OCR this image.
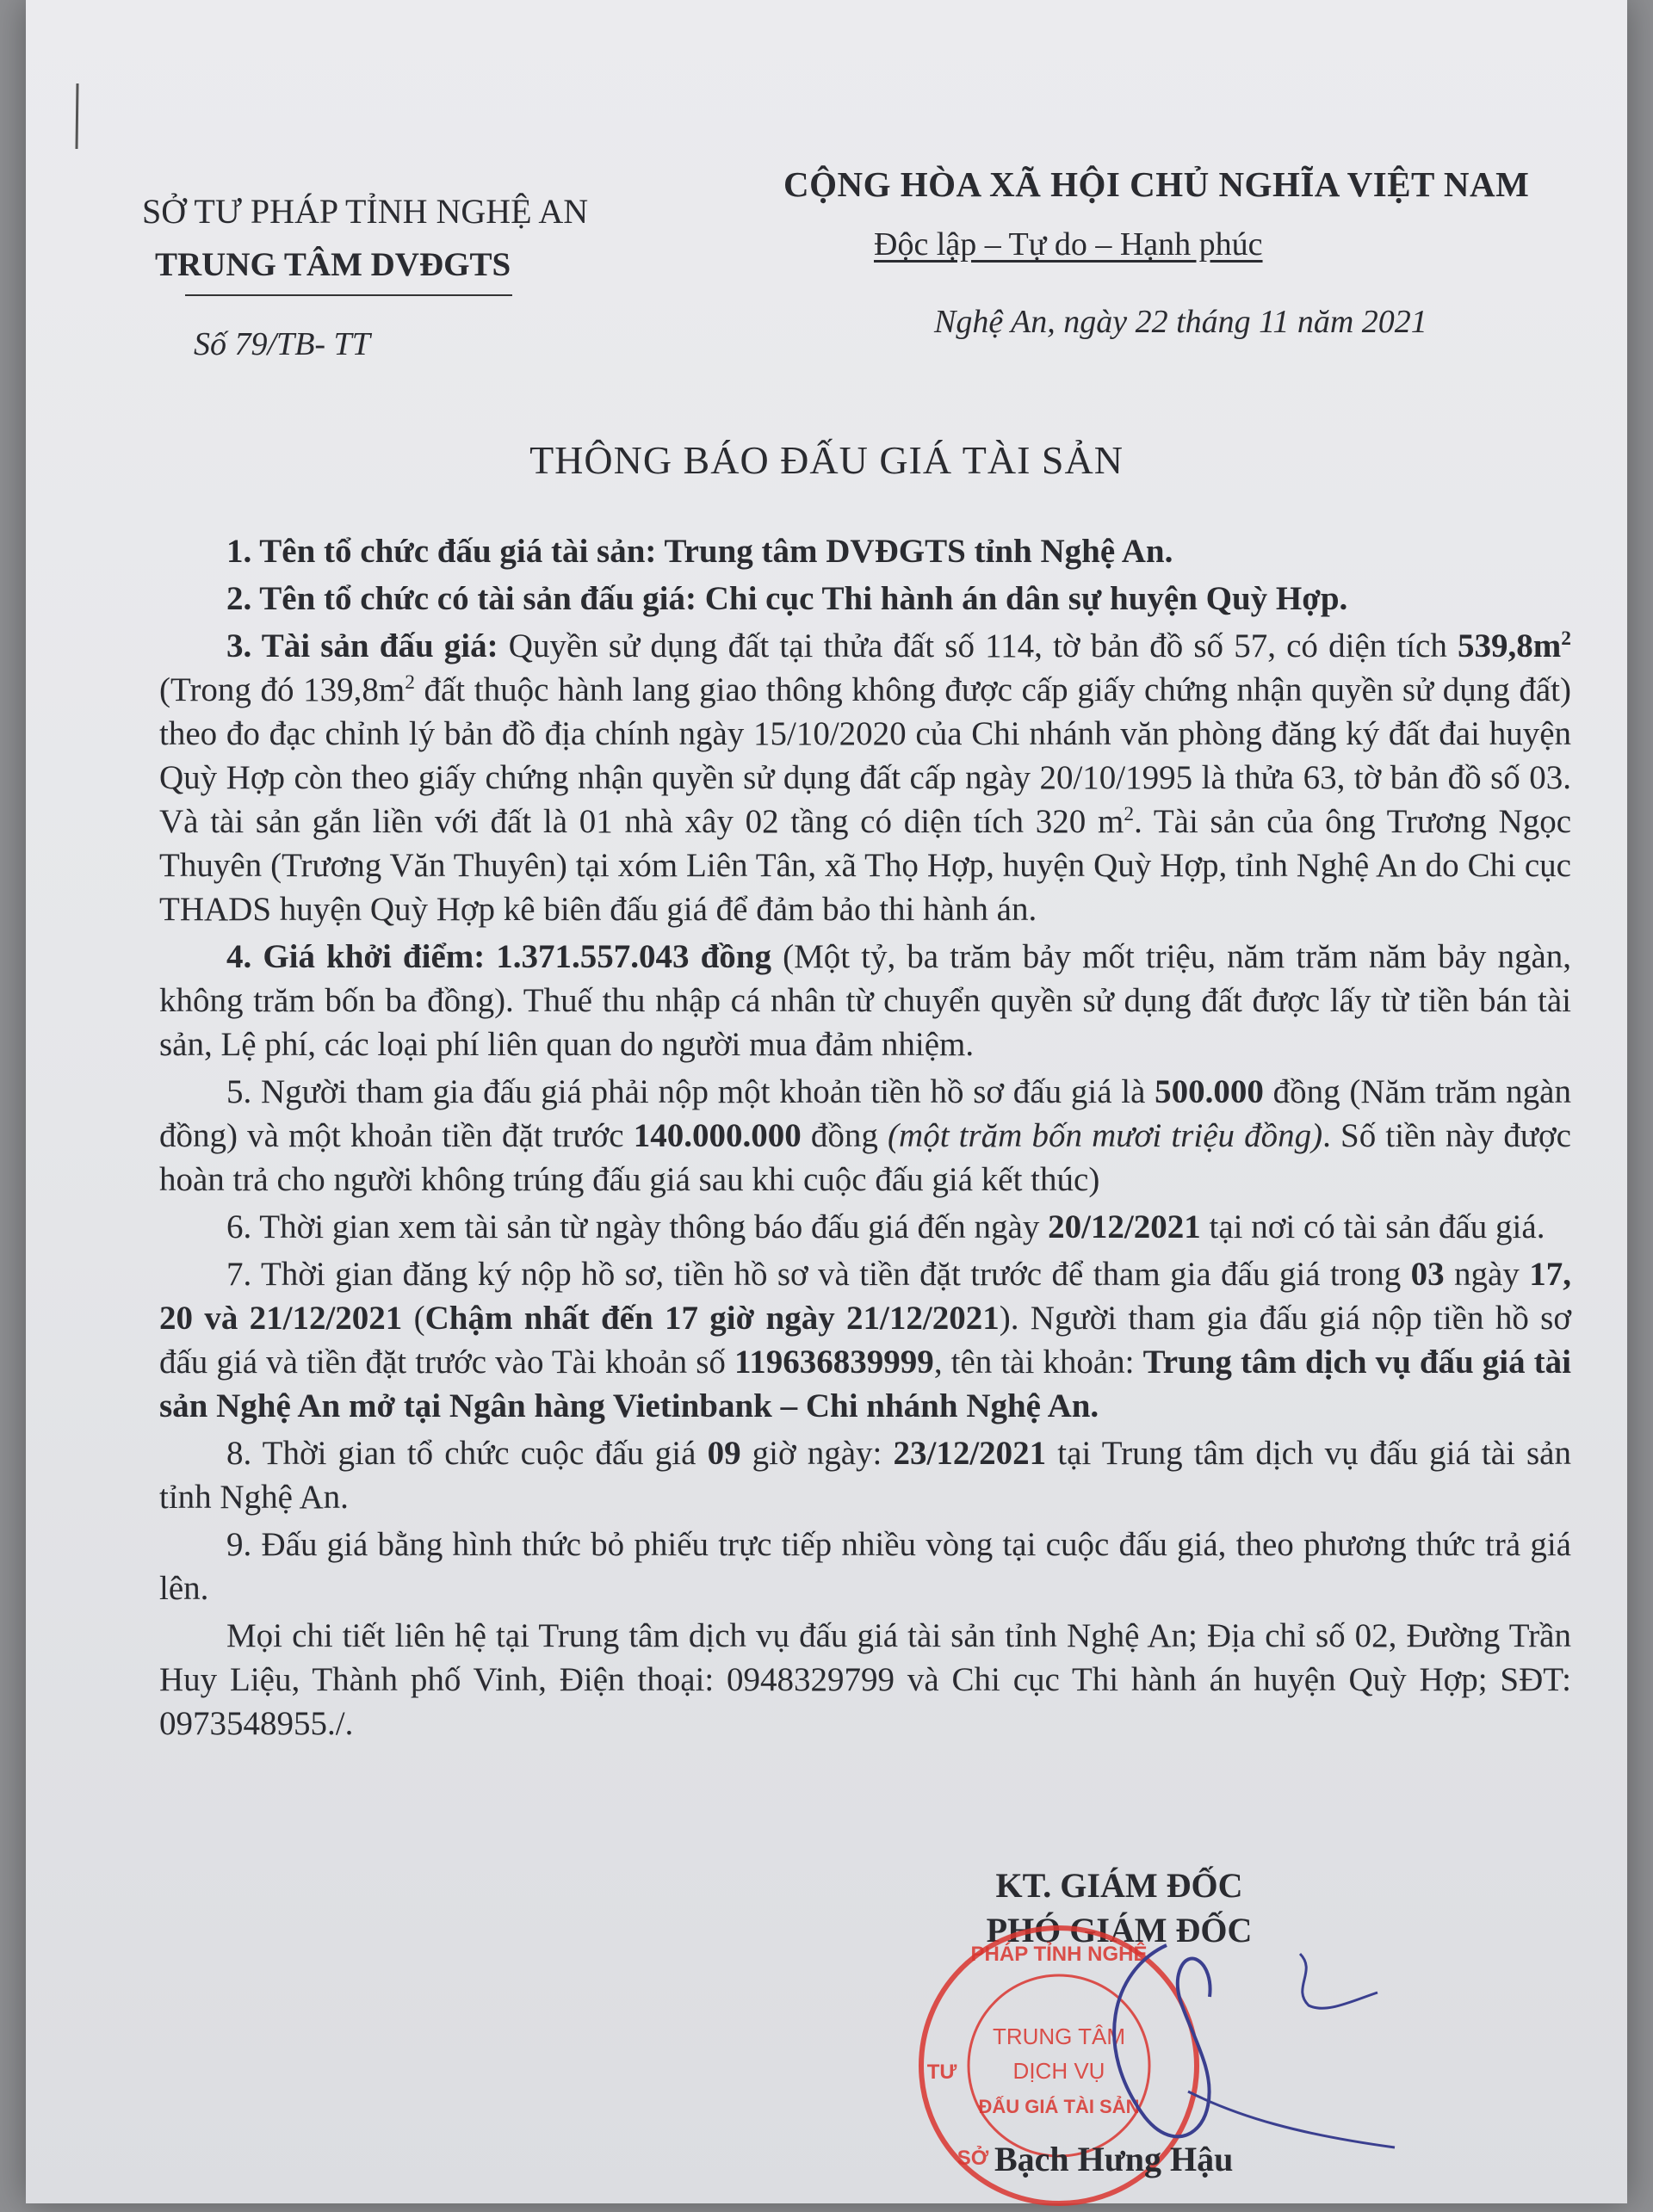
SỞ TƯ PHÁP TỈNH NGHỆ AN
TRUNG TÂM DVĐGTS
Số 79/TB- TT
CỘNG HÒA XÃ HỘI CHỦ NGHĨA VIỆT NAM
Độc lập – Tự do – Hạnh phúc
Nghệ An, ngày 22 tháng 11 năm 2021
THÔNG BÁO ĐẤU GIÁ TÀI SẢN

1. Tên tổ chức đấu giá tài sản: Trung tâm DVĐGTS tỉnh Nghệ An.

2. Tên tổ chức có tài sản đấu giá: Chi cục Thi hành án dân sự huyện Quỳ Hợp.

3. Tài sản đấu giá: Quyền sử dụng đất tại thửa đất số 114, tờ bản đồ số 57, có diện tích $539,8m^2$ (Trong đó $139,8m^2$ đất thuộc hành lang giao thông không được cấp giấy chứng nhận quyền sử dụng đất) theo đo đạc chỉnh lý bản đồ địa chính ngày 15/10/2020 của Chi nhánh văn phòng đăng ký đất đai huyện Quỳ Hợp còn theo giấy chứng nhận quyền sử dụng đất cấp ngày 20/10/1995 là thửa 63, tờ bản đồ số 03. Và tài sản gắn liền với đất là 01 nhà xây 02 tầng có diện tích 320 $m^2$. Tài sản của ông Trương Ngọc Thuyên (Trương Văn Thuyên) tại xóm Liên Tân, xã Thọ Hợp, huyện Quỳ Hợp, tỉnh Nghệ An do Chi cục THADS huyện Quỳ Hợp kê biên đấu giá để đảm bảo thi hành án.

4. Giá khởi điểm: 1.371.557.043 đồng (Một tỷ, ba trăm bảy mốt triệu, năm trăm năm bảy ngàn, không trăm bốn ba đồng). Thuế thu nhập cá nhân từ chuyển quyền sử dụng đất được lấy từ tiền bán tài sản, Lệ phí, các loại phí liên quan do người mua đảm nhiệm.

5. Người tham gia đấu giá phải nộp một khoản tiền hồ sơ đấu giá là 500.000 đồng (Năm trăm ngàn đồng) và một khoản tiền đặt trước 140.000.000 đồng (một trăm bốn mươi triệu đồng). Số tiền này được hoàn trả cho người không trúng đấu giá sau khi cuộc đấu giá kết thúc)

6. Thời gian xem tài sản từ ngày thông báo đấu giá đến ngày 20/12/2021 tại nơi có tài sản đấu giá.

7. Thời gian đăng ký nộp hồ sơ, tiền hồ sơ và tiền đặt trước để tham gia đấu giá trong 03 ngày 17, 20 và 21/12/2021 (Chậm nhất đến 17 giờ ngày 21/12/2021). Người tham gia đấu giá nộp tiền hồ sơ đấu giá và tiền đặt trước vào Tài khoản số 119636839999, tên tài khoản: Trung tâm dịch vụ đấu giá tài sản Nghệ An mở tại Ngân hàng Vietinbank – Chi nhánh Nghệ An.

8. Thời gian tổ chức cuộc đấu giá 09 giờ ngày: 23/12/2021 tại Trung tâm dịch vụ đấu giá tài sản tỉnh Nghệ An.

9. Đấu giá bằng hình thức bỏ phiếu trực tiếp nhiều vòng tại cuộc đấu giá, theo phương thức trả giá lên.

Mọi chi tiết liên hệ tại Trung tâm dịch vụ đấu giá tài sản tỉnh Nghệ An; Địa chỉ số 02, Đường Trần Huy Liệu, Thành phố Vinh, Điện thoại: 0948329799 và Chi cục Thi hành án huyện Quỳ Hợp; SĐT: 0973548955./.

KT. GIÁM ĐỐC
PHÓ GIÁM ĐỐC
PHÁP TỈNH NGHỆ
TƯ
SỞ
TRUNG TÂM
DỊCH VỤ
ĐẤU GIÁ TÀI SẢN
Bạch Hưng Hậu
